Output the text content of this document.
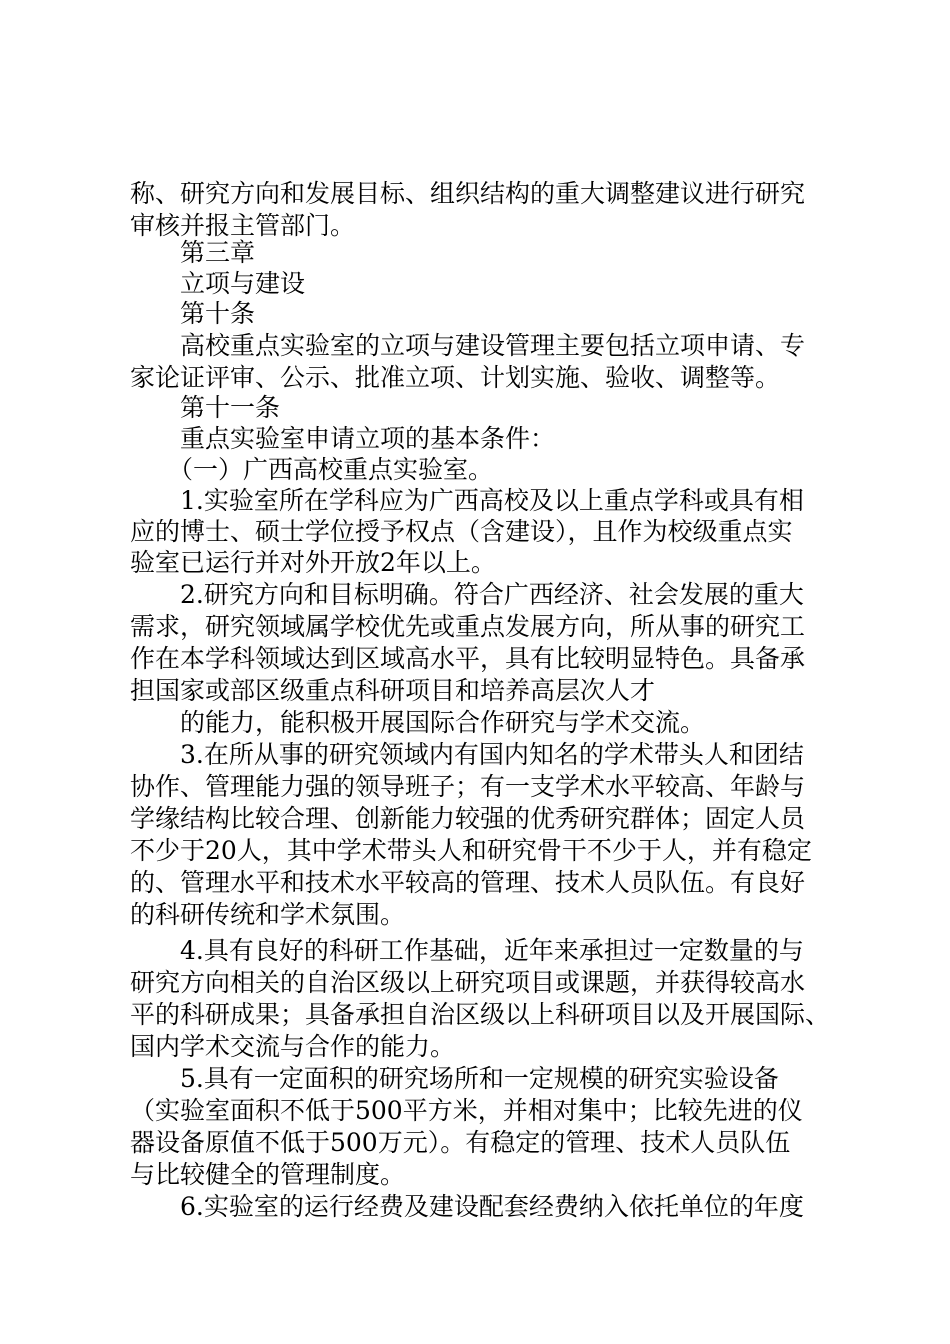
称、研究方向和发展目标、组织结构的重大调整建议进行研究
审核并报主管部门。
第三章
立项与建设
第十条
高校重点实验室的立项与建设管理主要包括立项申请、专
家论证评审、公示、批准立项、计划实施、验收、调整等。
第十一条
重点实验室申请立项的基本条件：
（一）广西高校重点实验室。
1.实验室所在学科应为广西高校及以上重点学科或具有相
应的博士、硕士学位授予权点（含建设），且作为校级重点实
验室已运行并对外开放2年以上。
2.研究方向和目标明确。符合广西经济、社会发展的重大
需求，研究领域属学校优先或重点发展方向，所从事的研究工
作在本学科领域达到区域高水平，具有比较明显特色。具备承
担国家或部区级重点科研项目和培养高层次人才
的能力，能积极开展国际合作研究与学术交流。
3.在所从事的研究领域内有国内知名的学术带头人和团结
协作、管理能力强的领导班子；有一支学术水平较高、年龄与
学缘结构比较合理、创新能力较强的优秀研究群体；固定人员
不少于20人，其中学术带头人和研究骨干不少于人，并有稳定
的、管理水平和技术水平较高的管理、技术人员队伍。有良好
的科研传统和学术氛围。
4.具有良好的科研工作基础，近年来承担过一定数量的与
研究方向相关的自治区级以上研究项目或课题，并获得较高水
平的科研成果；具备承担自治区级以上科研项目以及开展国际、
国内学术交流与合作的能力。
5.具有一定面积的研究场所和一定规模的研究实验设备
（实验室面积不低于500平方米，并相对集中；比较先进的仪
器设备原值不低于500万元）。有稳定的管理、技术人员队伍
与比较健全的管理制度。
6.实验室的运行经费及建设配套经费纳入依托单位的年度
